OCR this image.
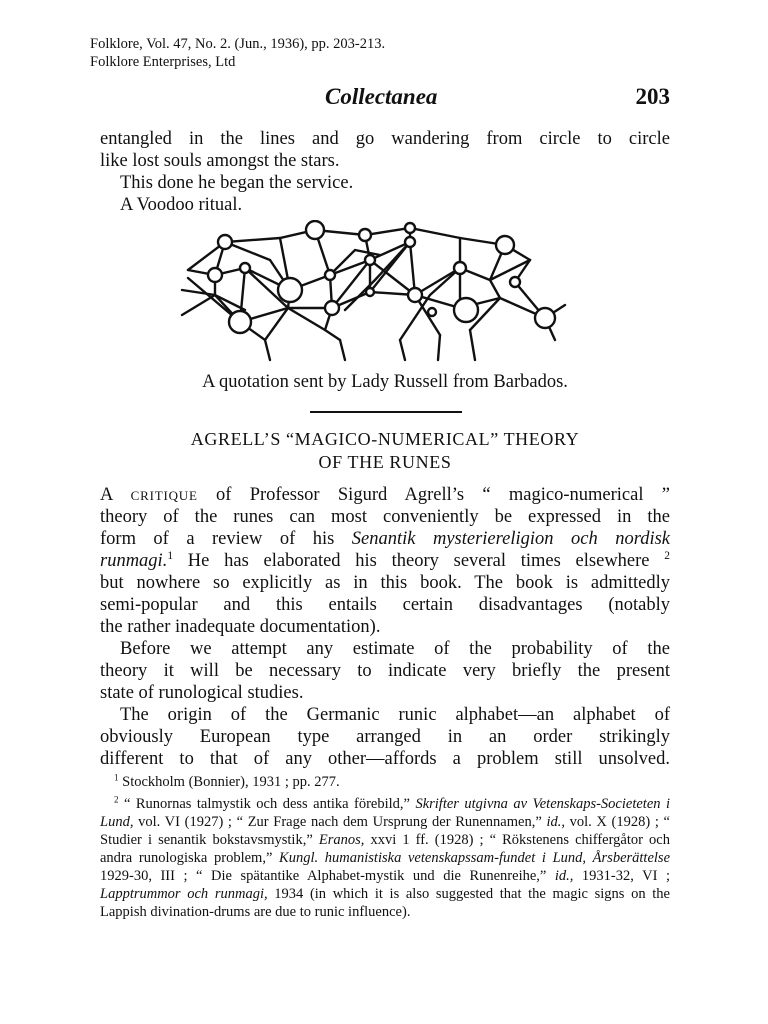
Folklore, Vol. 47, No. 2. (Jun., 1936), pp. 203-213.
Folklore Enterprises, Ltd
Collectanea	203
entangled in the lines and go wandering from circle to circle
like lost souls amongst the stars.
This done he began the service.
A Voodoo ritual.
A quotation sent by Lady Russell from Barbados.
AGRELL’S “MAGICO-NUMERICAL” THEORY
OF THE RUNES

A critique of Professor Sigurd Agrell’s “ magico-numerical ”
theory of the runes can most conveniently be expressed in the
form of a review of his Senantik mysteriereligion och nordisk
runmagi.$^1$ He has elaborated his theory several times elsewhere $^2$
but nowhere so explicitly as in this book. The book is admittedly
semi-popular and this entails certain disadvantages (notably
the rather inadequate documentation).

Before we attempt any estimate of the probability of the
theory it will be necessary to indicate very briefly the present
state of runological studies.

The origin of the Germanic runic alphabet—an alphabet of
obviously European type arranged in an order strikingly
different to that of any other—affords a problem still unsolved.

$^1$ Stockholm (Bonnier), 1931 ; pp. 277.

$^2$ “ Runornas talmystik och dess antika förebild,” Skrifter utgivna av Vetenskaps-Societeten i Lund, vol. VI (1927) ; “ Zur Frage nach dem Ursprung der Runennamen,” id., vol. X (1928) ; “ Studier i senantik bokstavsmystik,” Eranos, xxvi 1 ff. (1928) ; “ Rökstenens chiffergåtor och andra runologiska problem,” Kungl. humanistiska vetenskapssam-fundet i Lund, Årsberättelse 1929-30, III ; “ Die spätantike Alphabet-mystik und die Runenreihe,” id., 1931-32, VI ; Lapptrummor och runmagi, 1934 (in which it is also suggested that the magic signs on the Lappish divination-drums are due to runic influence).
